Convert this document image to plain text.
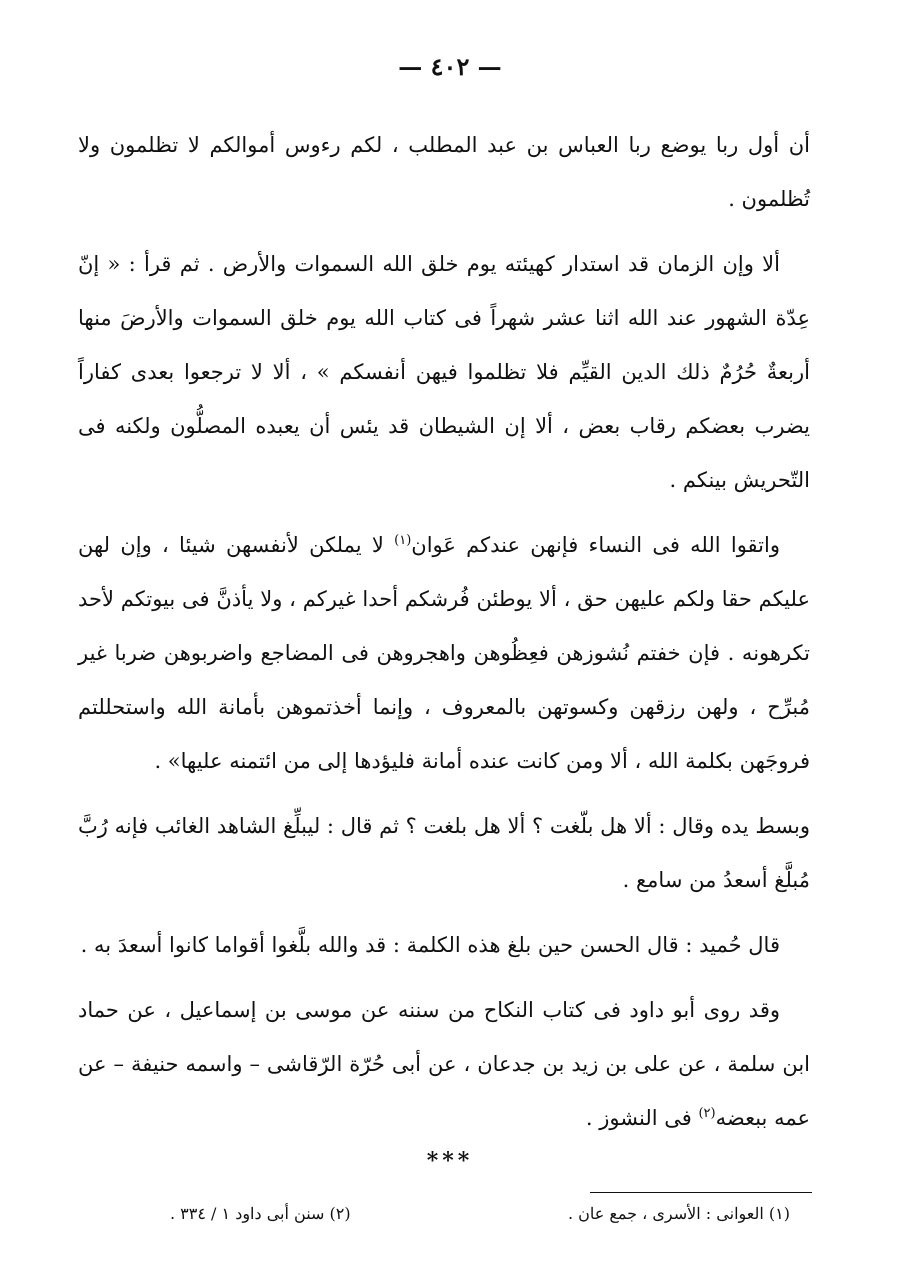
— ٤٠٢ —

أن أول ربا يوضع ربا العباس بن عبد المطلب ، لكم رءوس أموالكم لا تظلمون ولا تُظلمون .

ألا وإن الزمان قد استدار كهيئته يوم خلق الله السموات والأرض . ثم قرأ : « إنّ عِدّة الشهور عند الله اثنا عشر شهراً فى كتاب الله يوم خلق السموات والأرضَ منها أربعةٌ حُرُمٌ ذلك الدين القيِّم فلا تظلموا فيهن أنفسكم » ، ألا لا ترجعوا بعدى كفاراً يضرب بعضكم رقاب بعض ، ألا إن الشيطان قد يئس أن يعبده المصلُّون ولكنه فى التّحريش بينكم .

واتقوا الله فى النساء فإنهن عندكم عَوان$^{(١)}$ لا يملكن لأنفسهن شيئا ، وإن لهن عليكم حقا ولكم عليهن حق ، ألا يوطئن فُرشكم أحدا غيركم ، ولا يأذنَّ فى بيوتكم لأحد تكرهونه . فإن خفتم نُشوزهن فعِظُوهن واهجروهن فى المضاجع واضربوهن ضربا غير مُبرِّح ، ولهن رزقهن وكسوتهن بالمعروف ، وإنما أخذتموهن بأمانة الله واستحللتم فروجَهن بكلمة الله ، ألا ومن كانت عنده أمانة فليؤدها إلى من ائتمنه عليها» .

وبسط يده وقال : ألا هل بلّغت ؟ ألا هل بلغت ؟ ثم قال : ليبلِّغ الشاهد الغائب فإنه رُبَّ مُبلَّغ أسعدُ من سامع .

قال حُميد : قال الحسن حين بلغ هذه الكلمة : قد والله بلَّغوا أقواما كانوا أسعدَ به .

وقد روى أبو داود فى كتاب النكاح من سننه عن موسى بن إسماعيل ، عن حماد ابن سلمة ، عن على بن زيد بن جدعان ، عن أبى حُرّة الرّقاشى – واسمه حنيفة – عن عمه ببعضه$^{(٢)}$ فى النشوز .

***
(١) العوانى : الأسرى ، جمع عان .
(٢) سنن أبى داود ١ / ٣٣٤ .
